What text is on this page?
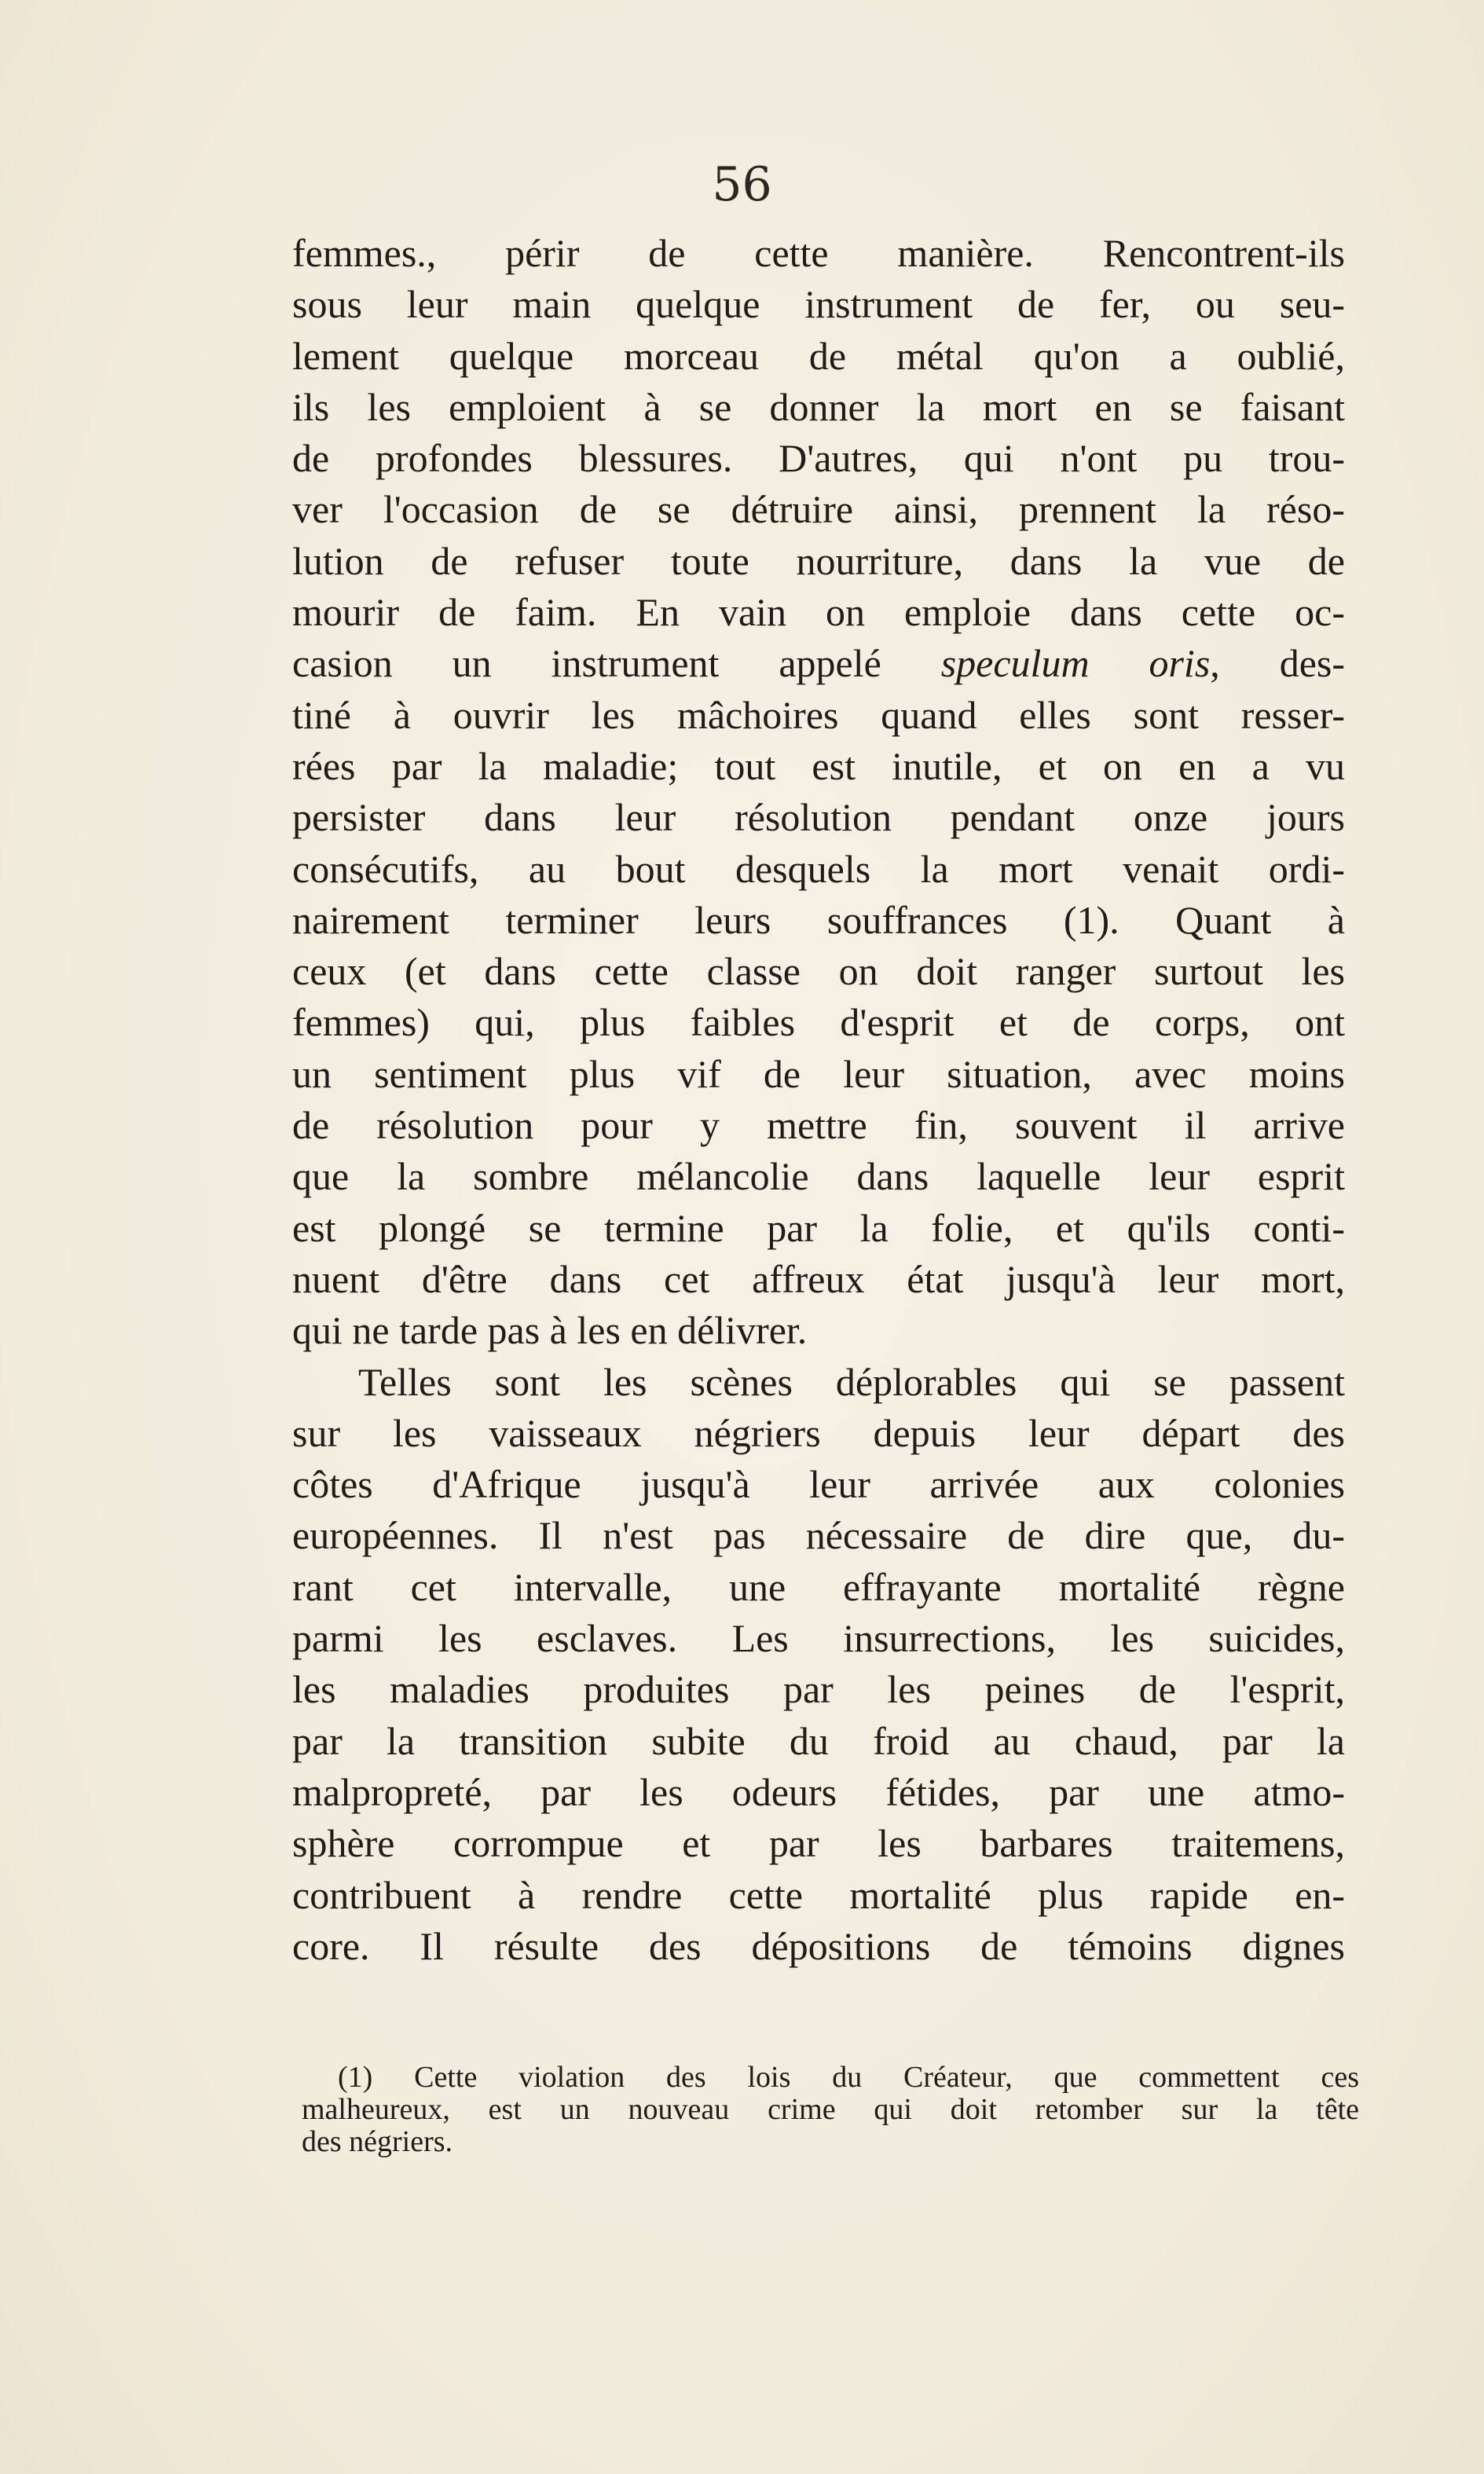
56
femmes., périr de cette manière. Rencontrent-ils
sous leur main quelque instrument de fer, ou seu-
lement quelque morceau de métal qu'on a oublié,
ils les emploient à se donner la mort en se faisant
de profondes blessures. D'autres, qui n'ont pu trou-
ver l'occasion de se détruire ainsi, prennent la réso-
lution de refuser toute nourriture, dans la vue de
mourir de faim. En vain on emploie dans cette oc-
casion un instrument appelé speculum oris, des-
tiné à ouvrir les mâchoires quand elles sont resser-
rées par la maladie; tout est inutile, et on en a vu
persister dans leur résolution pendant onze jours
consécutifs, au bout desquels la mort venait ordi-
nairement terminer leurs souffrances (1). Quant à
ceux (et dans cette classe on doit ranger surtout les
femmes) qui, plus faibles d'esprit et de corps, ont
un sentiment plus vif de leur situation, avec moins
de résolution pour y mettre fin, souvent il arrive
que la sombre mélancolie dans laquelle leur esprit
est plongé se termine par la folie, et qu'ils conti-
nuent d'être dans cet affreux état jusqu'à leur mort,
qui ne tarde pas à les en délivrer.
Telles sont les scènes déplorables qui se passent
sur les vaisseaux négriers depuis leur départ des
côtes d'Afrique jusqu'à leur arrivée aux colonies
européennes. Il n'est pas nécessaire de dire que, du-
rant cet intervalle, une effrayante mortalité règne
parmi les esclaves. Les insurrections, les suicides,
les maladies produites par les peines de l'esprit,
par la transition subite du froid au chaud, par la
malpropreté, par les odeurs fétides, par une atmo-
sphère corrompue et par les barbares traitemens,
contribuent à rendre cette mortalité plus rapide en-
core. Il résulte des dépositions de témoins dignes
(1) Cette violation des lois du Créateur, que commettent ces
malheureux, est un nouveau crime qui doit retomber sur la tête
des négriers.
